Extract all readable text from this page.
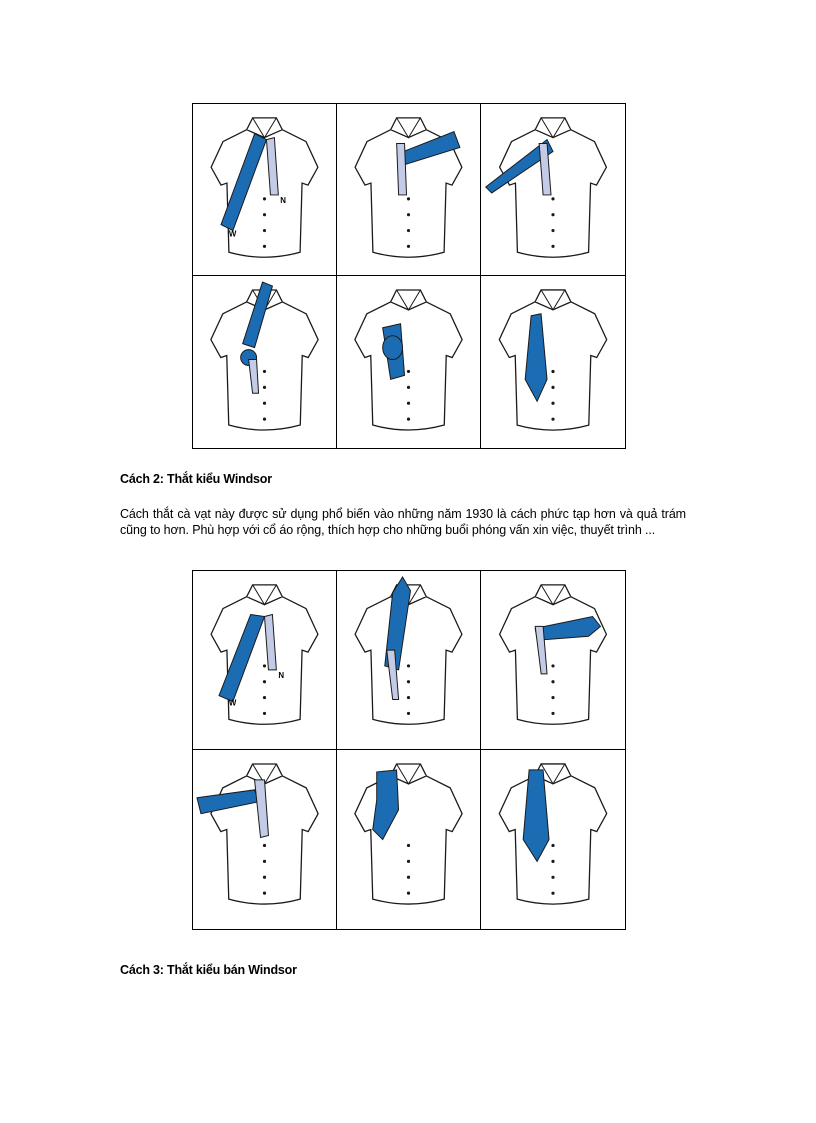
W
N
Cách 2: Thắt kiểu Windsor
Cách thắt cà vạt này được sử dụng phổ biến vào những năm 1930 là cách phức tạp hơn và quả trám cũng to hơn. Phù hợp với cổ áo rộng, thích hợp cho những buổi phóng vấn xin việc, thuyết trình ...
W
N
Cách 3: Thắt kiểu bán Windsor
